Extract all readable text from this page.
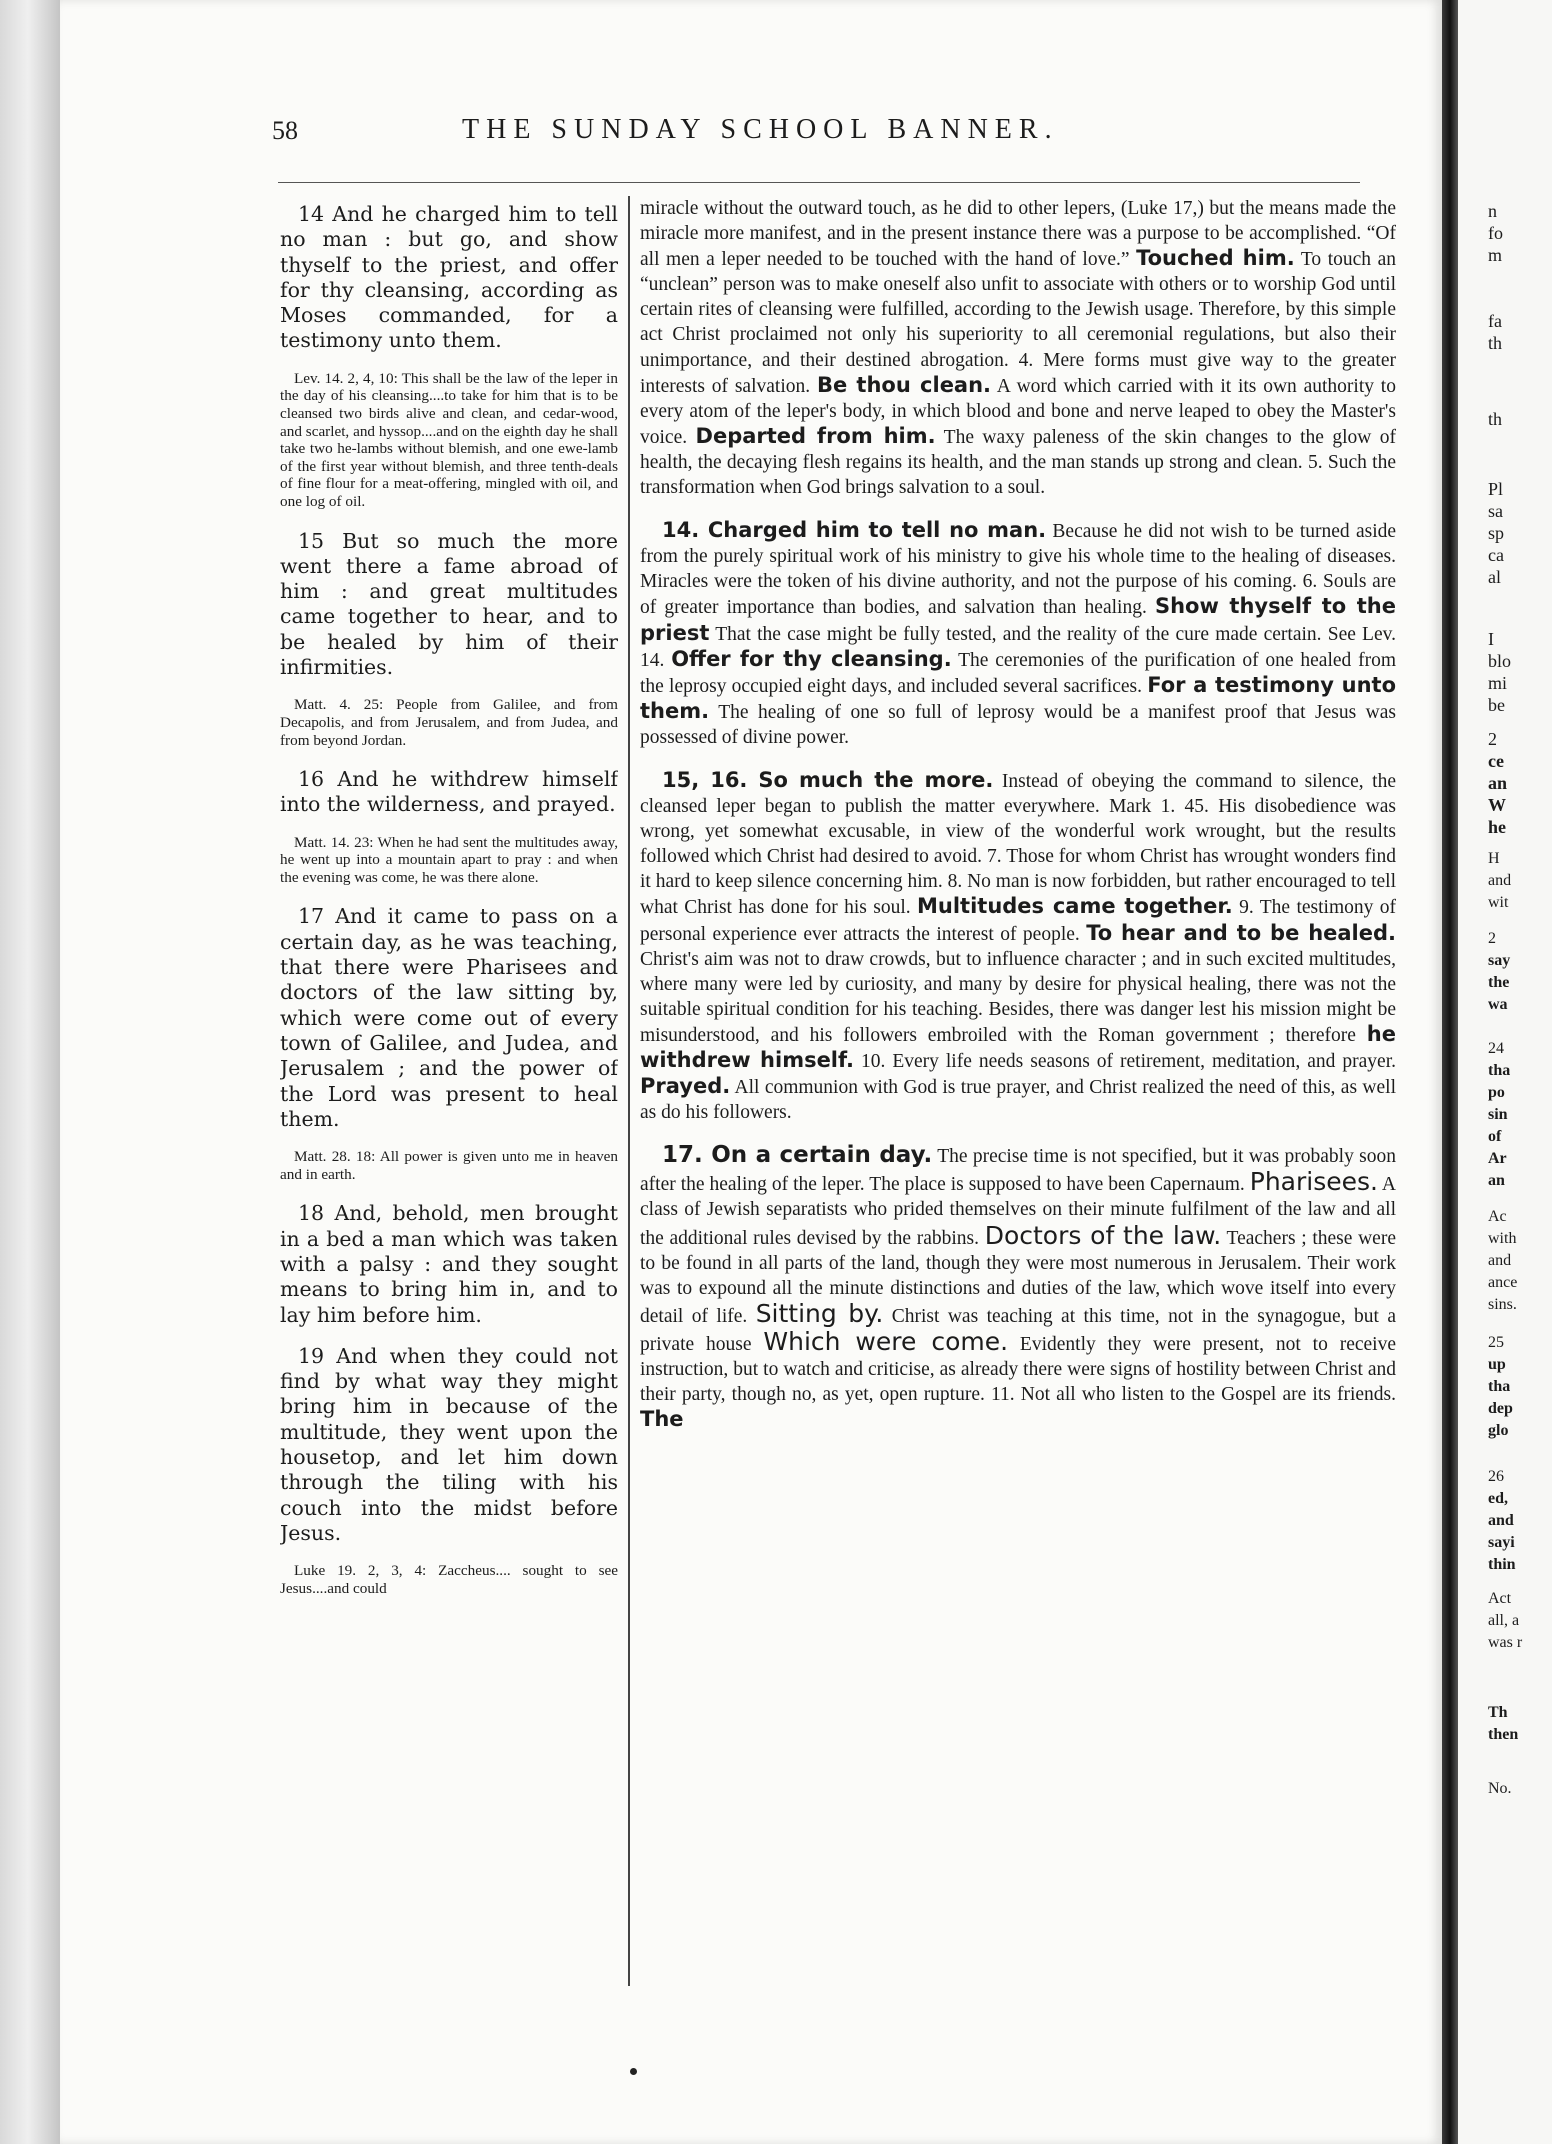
58	THE SUNDAY SCHOOL BANNER.

14 And he charged him to tell no man : but go, and show thyself to the priest, and offer for thy cleansing, according as Moses commanded, for a testimony unto them.

Lev. 14. 2, 4, 10: This shall be the law of the leper in the day of his cleansing....to take for him that is to be cleansed two birds alive and clean, and cedar-wood, and scarlet, and hyssop....and on the eighth day he shall take two he-lambs without blemish, and one ewe-lamb of the first year without blemish, and three tenth-deals of fine flour for a meat-offering, mingled with oil, and one log of oil.

15 But so much the more went there a fame abroad of him : and great multitudes came together to hear, and to be healed by him of their infirmities.

Matt. 4. 25: People from Galilee, and from Decapolis, and from Jerusalem, and from Judea, and from beyond Jordan.

16 And he withdrew himself into the wilderness, and prayed.

Matt. 14. 23: When he had sent the multitudes away, he went up into a mountain apart to pray : and when the evening was come, he was there alone.

17 And it came to pass on a certain day, as he was teaching, that there were Pharisees and doctors of the law sitting by, which were come out of every town of Galilee, and Judea, and Jerusalem ; and the power of the Lord was present to heal them.

Matt. 28. 18: All power is given unto me in heaven and in earth.

18 And, behold, men brought in a bed a man which was taken with a palsy : and they sought means to bring him in, and to lay him before him.

19 And when they could not find by what way they might bring him in because of the multitude, they went upon the housetop, and let him down through the tiling with his couch into the midst before Jesus.

Luke 19. 2, 3, 4: Zaccheus.... sought to see Jesus....and could

miracle without the outward touch, as he did to other lepers, (Luke 17,) but the means made the miracle more manifest, and in the present instance there was a purpose to be accomplished. “Of all men a leper needed to be touched with the hand of love.” Touched him. To touch an “unclean” person was to make oneself also unfit to associate with others or to worship God until certain rites of cleansing were fulfilled, according to the Jewish usage. Therefore, by this simple act Christ proclaimed not only his superiority to all ceremonial regulations, but also their unimportance, and their destined abrogation. 4. Mere forms must give way to the greater interests of salvation. Be thou clean. A word which carried with it its own authority to every atom of the leper's body, in which blood and bone and nerve leaped to obey the Master's voice. Departed from him. The waxy paleness of the skin changes to the glow of health, the decaying flesh regains its health, and the man stands up strong and clean. 5. Such the transformation when God brings salvation to a soul.

14. Charged him to tell no man. Because he did not wish to be turned aside from the purely spiritual work of his ministry to give his whole time to the healing of diseases. Miracles were the token of his divine authority, and not the purpose of his coming. 6. Souls are of greater importance than bodies, and salvation than healing. Show thyself to the priest That the case might be fully tested, and the reality of the cure made certain. See Lev. 14. Offer for thy cleansing. The ceremonies of the purification of one healed from the leprosy occupied eight days, and included several sacrifices. For a testimony unto them. The healing of one so full of leprosy would be a manifest proof that Jesus was possessed of divine power.

15, 16. So much the more. Instead of obeying the command to silence, the cleansed leper began to publish the matter everywhere. Mark 1. 45. His disobedience was wrong, yet somewhat excusable, in view of the wonderful work wrought, but the results followed which Christ had desired to avoid. 7. Those for whom Christ has wrought wonders find it hard to keep silence concerning him. 8. No man is now forbidden, but rather encouraged to tell what Christ has done for his soul. Multitudes came together. 9. The testimony of personal experience ever attracts the interest of people. To hear and to be healed. Christ's aim was not to draw crowds, but to influence character ; and in such excited multitudes, where many were led by curiosity, and many by desire for physical healing, there was not the suitable spiritual condition for his teaching. Besides, there was danger lest his mission might be misunderstood, and his followers embroiled with the Roman government ; therefore he withdrew himself. 10. Every life needs seasons of retirement, meditation, and prayer. Prayed. All communion with God is true prayer, and Christ realized the need of this, as well as do his followers.

17. On a certain day. The precise time is not specified, but it was probably soon after the healing of the leper. The place is supposed to have been Capernaum. Pharisees. A class of Jewish separatists who prided themselves on their minute fulfilment of the law and all the additional rules devised by the rabbins. Doctors of the law. Teachers ; these were to be found in all parts of the land, though they were most numerous in Jerusalem. Their work was to expound all the minute distinctions and duties of the law, which wove itself into every detail of life. Sitting by. Christ was teaching at this time, not in the synagogue, but a private house Which were come. Evidently they were present, not to receive instruction, but to watch and criticise, as already there were signs of hostility between Christ and their party, though no, as yet, open rupture. 11. Not all who listen to the Gospel are its friends. The

n
fo
m
fa
th
th
Pl
sa
sp
ca
al
I
blo
mi
be
2
ce
an
W
he
H
and
wit
2
say
the
wa
24
tha
po
sin
of
Ar
an
Ac
with
and
ance
sins.
25
up
tha
dep
glo
26
ed,
and
sayi
thin
Act
all, a
was r
Th
then
No.
